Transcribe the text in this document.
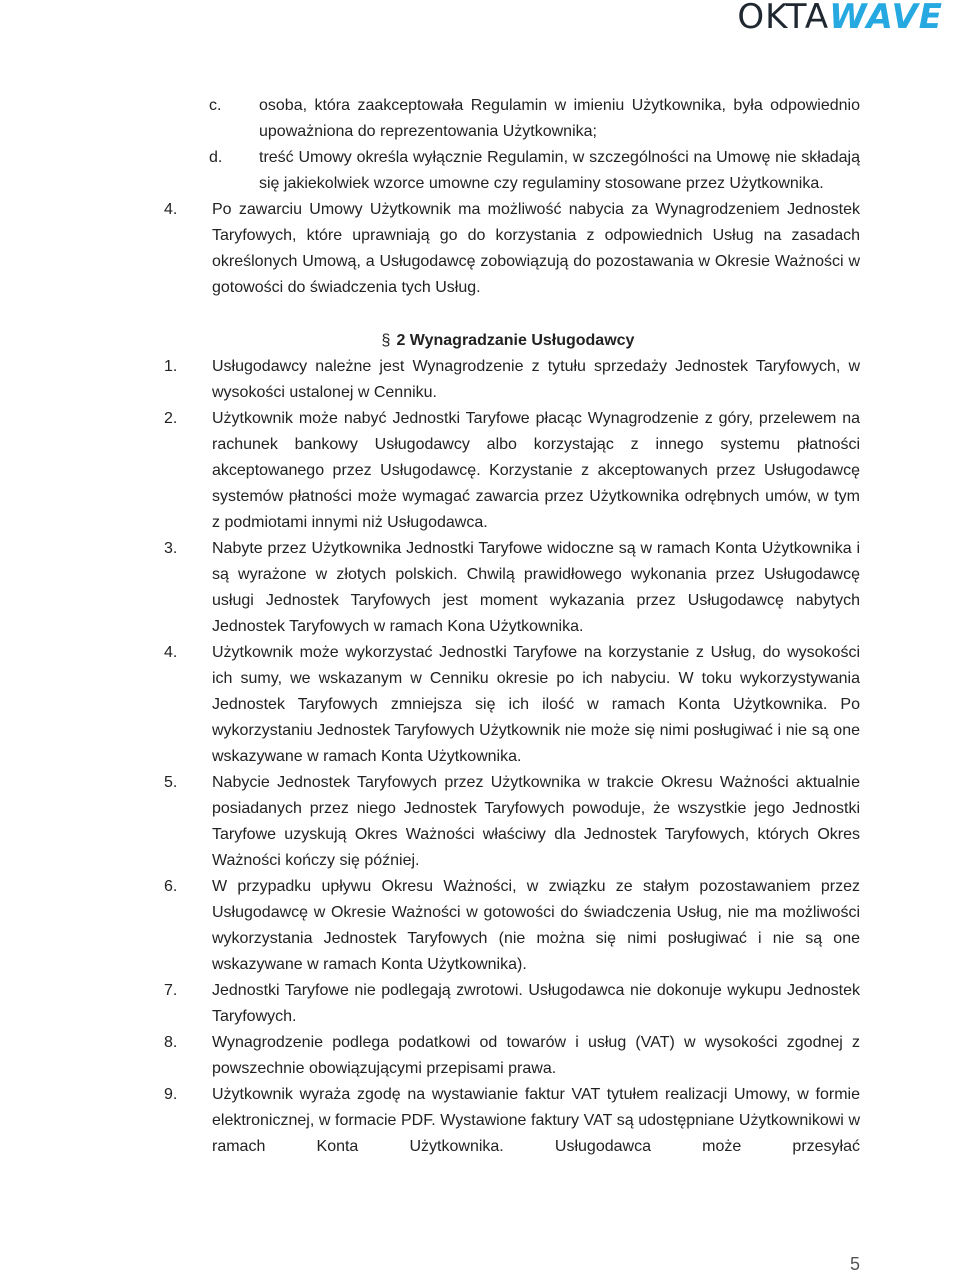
OKTAWAVE
c. osoba, która zaakceptowała Regulamin w imieniu Użytkownika, była odpowiednio upoważniona do reprezentowania Użytkownika;
d. treść Umowy określa wyłącznie Regulamin, w szczególności na Umowę nie składają się jakiekolwiek wzorce umowne czy regulaminy stosowane przez Użytkownika.
4. Po zawarciu Umowy Użytkownik ma możliwość nabycia za Wynagrodzeniem Jednostek Taryfowych, które uprawniają go do korzystania z odpowiednich Usług na zasadach określonych Umową, a Usługodawcę zobowiązują do pozostawania w Okresie Ważności w gotowości do świadczenia tych Usług.
§ 2 Wynagradzanie Usługodawcy
1. Usługodawcy należne jest Wynagrodzenie z tytułu sprzedaży Jednostek Taryfowych, w wysokości ustalonej w Cenniku.
2. Użytkownik może nabyć Jednostki Taryfowe płacąc Wynagrodzenie z góry, przelewem na rachunek bankowy Usługodawcy albo korzystając z innego systemu płatności akceptowanego przez Usługodawcę. Korzystanie z akceptowanych przez Usługodawcę systemów płatności może wymagać zawarcia przez Użytkownika odrębnych umów, w tym z podmiotami innymi niż Usługodawca.
3. Nabyte przez Użytkownika Jednostki Taryfowe widoczne są w ramach Konta Użytkownika i są wyrażone w złotych polskich. Chwilą prawidłowego wykonania przez Usługodawcę usługi Jednostek Taryfowych jest moment wykazania przez Usługodawcę nabytych Jednostek Taryfowych w ramach Kona Użytkownika.
4. Użytkownik może wykorzystać Jednostki Taryfowe na korzystanie z Usług, do wysokości ich sumy, we wskazanym w Cenniku okresie po ich nabyciu. W toku wykorzystywania Jednostek Taryfowych zmniejsza się ich ilość w ramach Konta Użytkownika. Po wykorzystaniu Jednostek Taryfowych Użytkownik nie może się nimi posługiwać i nie są one wskazywane w ramach Konta Użytkownika.
5. Nabycie Jednostek Taryfowych przez Użytkownika w trakcie Okresu Ważności aktualnie posiadanych przez niego Jednostek Taryfowych powoduje, że wszystkie jego Jednostki Taryfowe uzyskują Okres Ważności właściwy dla Jednostek Taryfowych, których Okres Ważności kończy się później.
6. W przypadku upływu Okresu Ważności, w związku ze stałym pozostawaniem przez Usługodawcę w Okresie Ważności w gotowości do świadczenia Usług, nie ma możliwości wykorzystania Jednostek Taryfowych (nie można się nimi posługiwać i nie są one wskazywane w ramach Konta Użytkownika).
7. Jednostki Taryfowe nie podlegają zwrotowi. Usługodawca nie dokonuje wykupu Jednostek Taryfowych.
8. Wynagrodzenie podlega podatkowi od towarów i usług (VAT) w wysokości zgodnej z powszechnie obowiązującymi przepisami prawa.
9. Użytkownik wyraża zgodę na wystawianie faktur VAT tytułem realizacji Umowy, w formie elektronicznej, w formacie PDF. Wystawione faktury VAT są udostępniane Użytkownikowi w ramach Konta Użytkownika. Usługodawca może przesyłać
5
